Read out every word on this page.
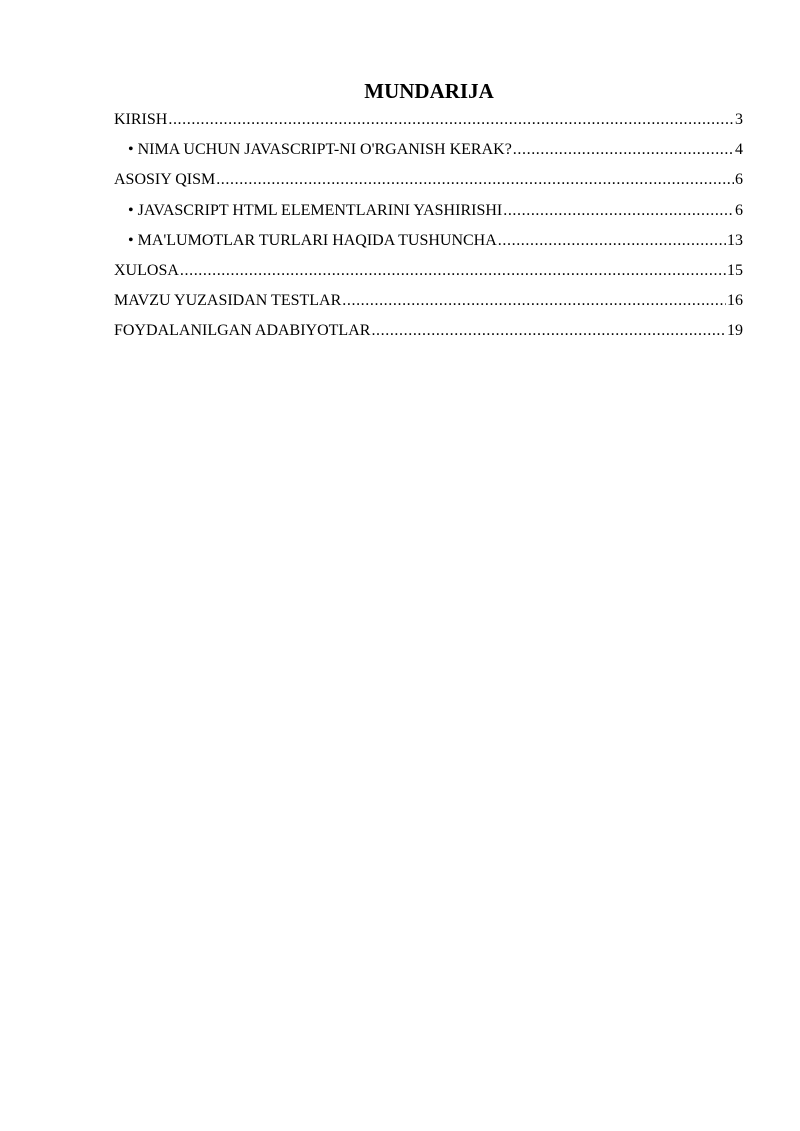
MUNDARIJA
KIRISH .....	3
• NIMA UCHUN JAVASCRIPT-NI O'RGANISH KERAK? .....	4
ASOSIY QISM .....	6
• JAVASCRIPT HTML ELEMENTLARINI YASHIRISHI .....	6
• MA'LUMOTLAR TURLARI HAQIDA TUSHUNCHA .....	13
XULOSA .....	15
MAVZU YUZASIDAN TESTLAR .....	16
FOYDALANILGAN ADABIYOTLAR .....	19
